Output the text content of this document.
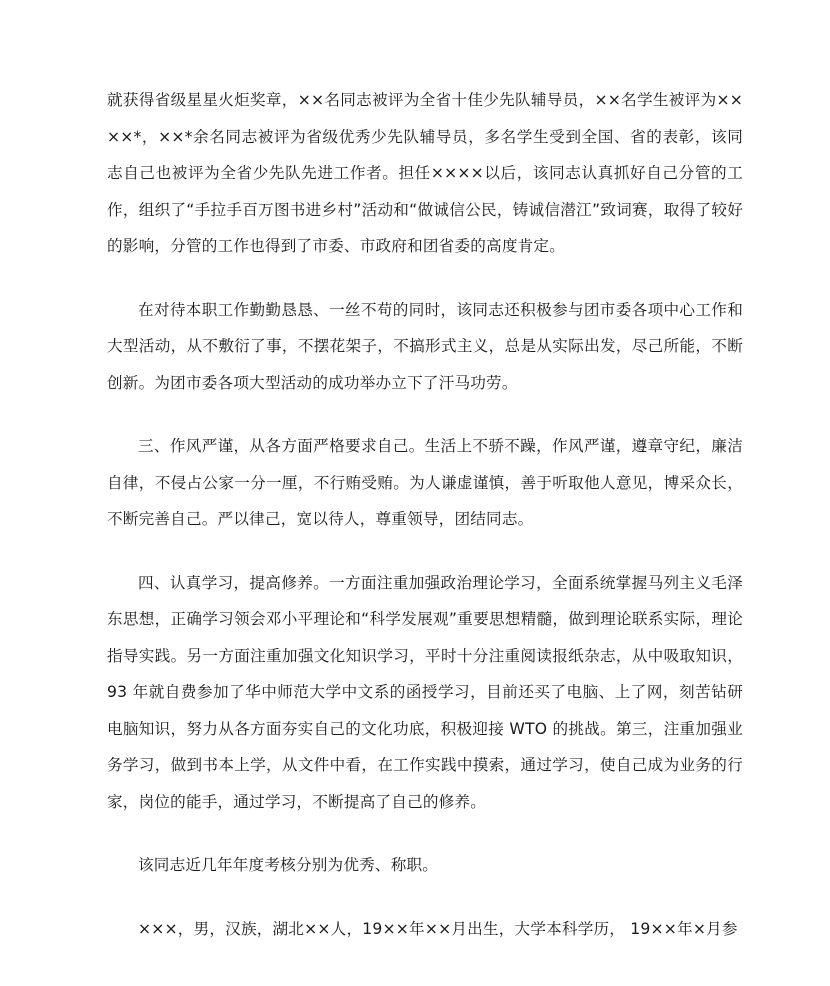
就获得省级星星火炬奖章，××名同志被评为全省十佳少先队辅导员，××名学生被评为××××*，××*余名同志被评为省级优秀少先队辅导员，多名学生受到全国、省的表彰，该同志自己也被评为全省少先队先进工作者。担任××××以后，该同志认真抓好自己分管的工作，组织了“手拉手百万图书进乡村”活动和“做诚信公民，铸诚信潜江”致词赛，取得了较好的影响，分管的工作也得到了市委、市政府和团省委的高度肯定。

在对待本职工作勤勤恳恳、一丝不苟的同时，该同志还积极参与团市委各项中心工作和大型活动，从不敷衍了事，不摆花架子，不搞形式主义，总是从实际出发，尽己所能，不断创新。为团市委各项大型活动的成功举办立下了汗马功劳。

三、作风严谨，从各方面严格要求自己。生活上不骄不躁，作风严谨，遵章守纪，廉洁自律，不侵占公家一分一厘，不行贿受贿。为人谦虚谨慎，善于听取他人意见，博采众长，不断完善自己。严以律己，宽以待人，尊重领导，团结同志。

四、认真学习，提高修养。一方面注重加强政治理论学习，全面系统掌握马列主义毛泽东思想，正确学习领会邓小平理论和“科学发展观”重要思想精髓，做到理论联系实际，理论指导实践。另一方面注重加强文化知识学习，平时十分注重阅读报纸杂志，从中吸取知识，93 年就自费参加了华中师范大学中文系的函授学习，目前还买了电脑、上了网，刻苦钻研电脑知识，努力从各方面夯实自己的文化功底，积极迎接 WTO 的挑战。第三，注重加强业务学习，做到书本上学，从文件中看，在工作实践中摸索，通过学习，使自己成为业务的行家，岗位的能手，通过学习，不断提高了自己的修养。

该同志近几年年度考核分别为优秀、称职。

×××，男，汉族，湖北××人，19××年××月出生，大学本科学历， 19××年×月参
